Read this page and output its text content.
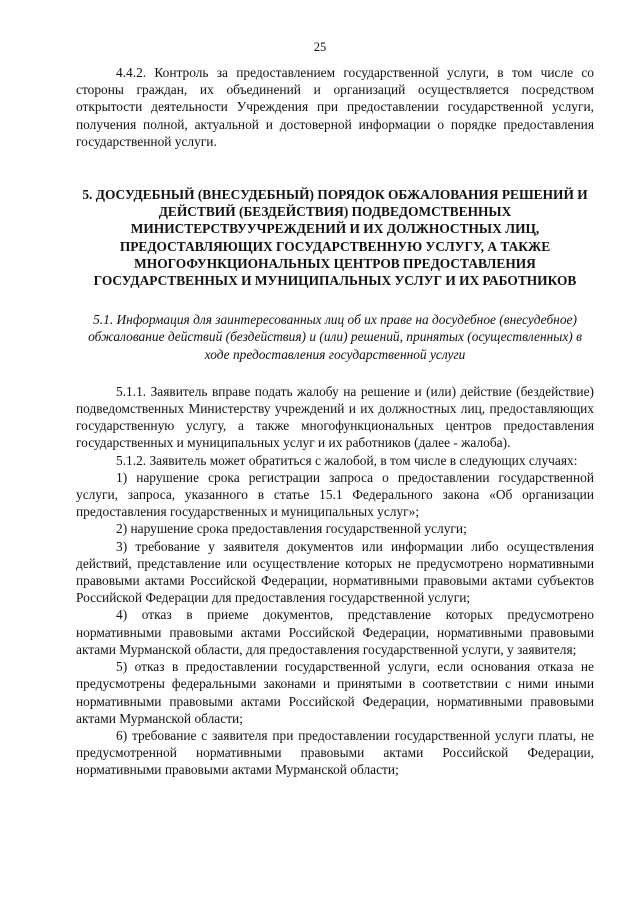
25

4.4.2. Контроль за предоставлением государственной услуги, в том числе со стороны граждан, их объединений и организаций осуществляется посредством открытости деятельности Учреждения при предоставлении государственной услуги, получения полной, актуальной и достоверной информации о порядке предоставления государственной услуги.

5. ДОСУДЕБНЫЙ (ВНЕСУДЕБНЫЙ) ПОРЯДОК ОБЖАЛОВАНИЯ РЕШЕНИЙ И ДЕЙСТВИЙ (БЕЗДЕЙСТВИЯ) ПОДВЕДОМСТВЕННЫХ МИНИСТЕРСТВУУЧРЕЖДЕНИЙ И ИХ ДОЛЖНОСТНЫХ ЛИЦ, ПРЕДОСТАВЛЯЮЩИХ ГОСУДАРСТВЕННУЮ УСЛУГУ, А ТАКЖЕ МНОГОФУНКЦИОНАЛЬНЫХ ЦЕНТРОВ ПРЕДОСТАВЛЕНИЯ ГОСУДАРСТВЕННЫХ И МУНИЦИПАЛЬНЫХ УСЛУГ И ИХ РАБОТНИКОВ

5.1. Информация для заинтересованных лиц об их праве на досудебное (внесудебное) обжалование действий (бездействия) и (или) решений, принятых (осуществленных) в ходе предоставления государственной услуги

5.1.1. Заявитель вправе подать жалобу на решение и (или) действие (бездействие) подведомственных Министерству учреждений и их должностных лиц, предоставляющих государственную услугу, а также многофункциональных центров предоставления государственных и муниципальных услуг и их работников (далее - жалоба).

5.1.2. Заявитель может обратиться с жалобой, в том числе в следующих случаях:

1) нарушение срока регистрации запроса о предоставлении государственной услуги, запроса, указанного в статье 15.1 Федерального закона «Об организации предоставления государственных и муниципальных услуг»;

2) нарушение срока предоставления государственной услуги;

3) требование у заявителя документов или информации либо осуществления действий, представление или осуществление которых не предусмотрено нормативными правовыми актами Российской Федерации, нормативными правовыми актами субъектов Российской Федерации для предоставления государственной услуги;

4) отказ в приеме документов, представление которых предусмотрено нормативными правовыми актами Российской Федерации, нормативными правовыми актами Мурманской области, для предоставления государственной услуги, у заявителя;

5) отказ в предоставлении государственной услуги, если основания отказа не предусмотрены федеральными законами и принятыми в соответствии с ними иными нормативными правовыми актами Российской Федерации, нормативными правовыми актами Мурманской области;

6) требование с заявителя при предоставлении государственной услуги платы, не предусмотренной нормативными правовыми актами Российской Федерации, нормативными правовыми актами Мурманской области;
